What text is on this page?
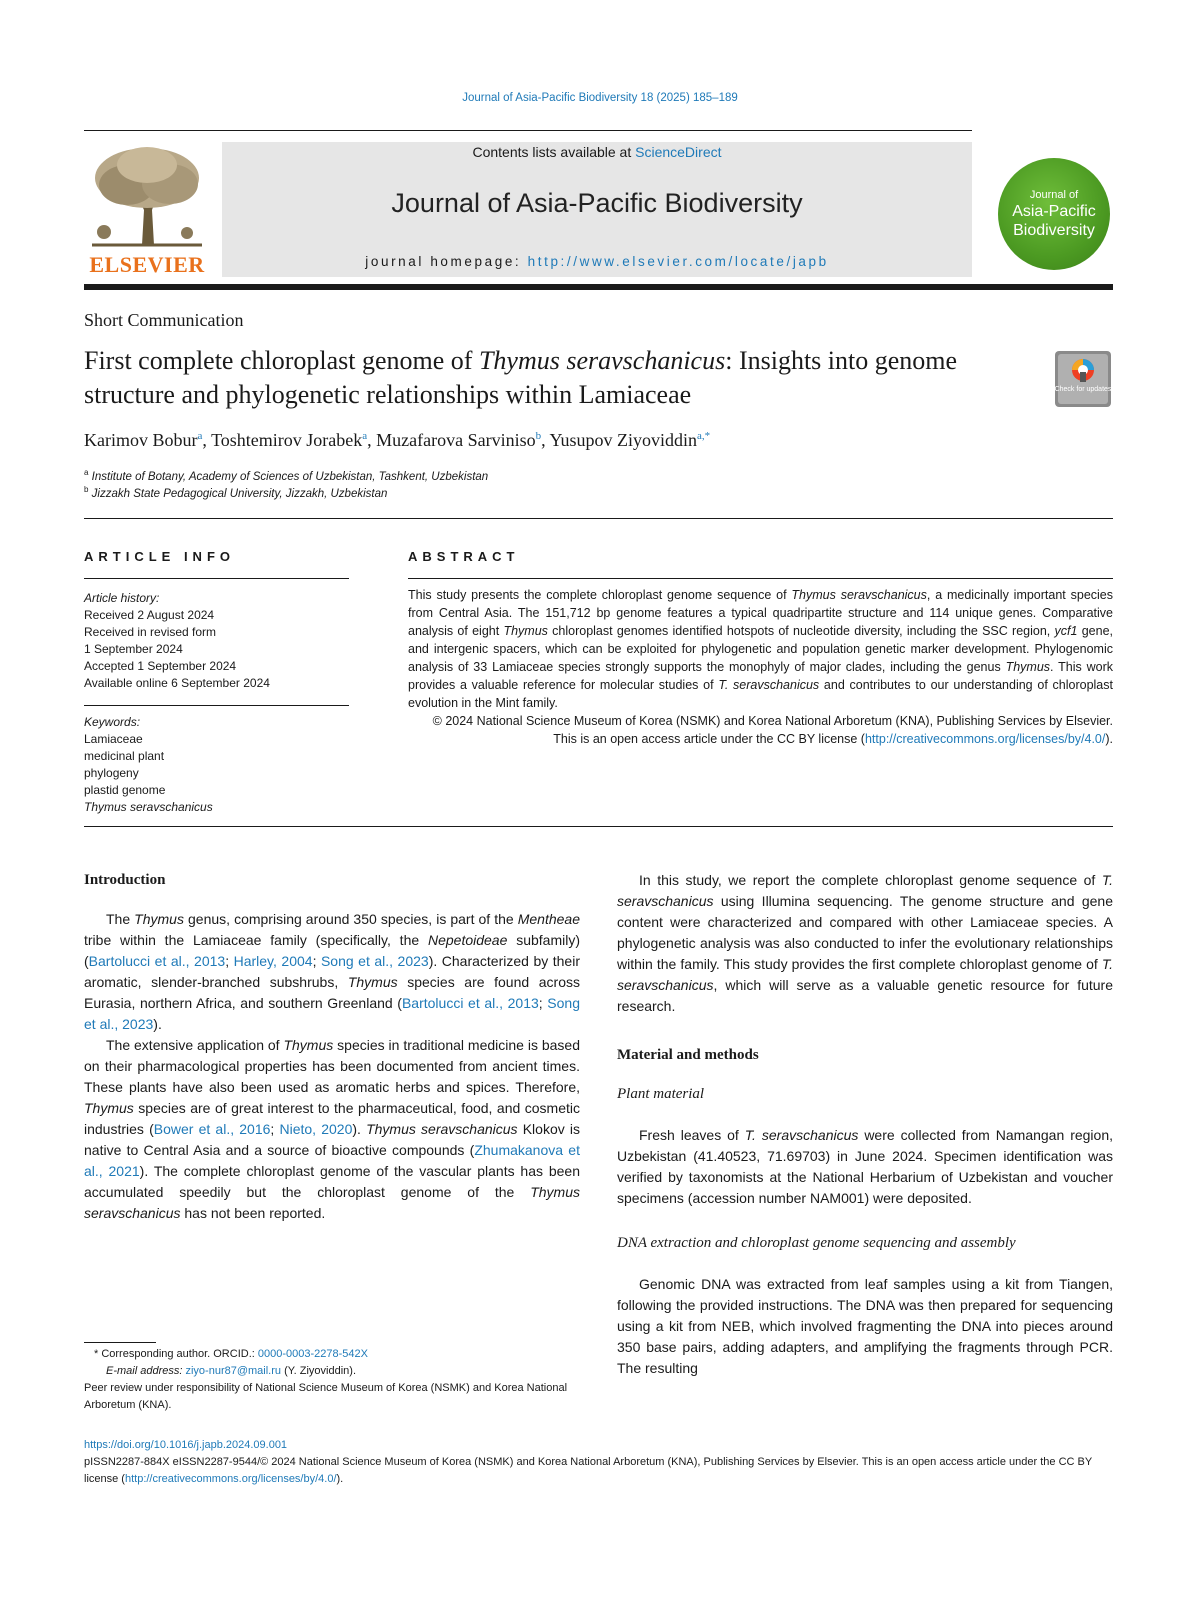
Journal of Asia-Pacific Biodiversity 18 (2025) 185–189
ELSEVIER
Contents lists available at ScienceDirect
Journal of Asia-Pacific Biodiversity
journal homepage: http://www.elsevier.com/locate/japb
Journal of
Asia-Pacific
Biodiversity
Short Communication
First complete chloroplast genome of Thymus seravschanicus: Insights into genome structure and phylogenetic relationships within Lamiaceae	Check for updates
Karimov Bobur$^a$, Toshtemirov Jorabek$^a$, Muzafarova Sarviniso$^b$, Yusupov Ziyoviddin$^{a,*}$
$^a$ Institute of Botany, Academy of Sciences of Uzbekistan, Tashkent, Uzbekistan
$^b$ Jizzakh State Pedagogical University, Jizzakh, Uzbekistan
ARTICLE INFO
Article history:
Received 2 August 2024
Received in revised form
1 September 2024
Accepted 1 September 2024
Available online 6 September 2024
Keywords:
Lamiaceae
medicinal plant
phylogeny
plastid genome
Thymus seravschanicus
ABSTRACT
This study presents the complete chloroplast genome sequence of Thymus seravschanicus, a medicinally important species from Central Asia. The 151,712 bp genome features a typical quadripartite structure and 114 unique genes. Comparative analysis of eight Thymus chloroplast genomes identified hotspots of nucleotide diversity, including the SSC region, ycf1 gene, and intergenic spacers, which can be exploited for phylogenetic and population genetic marker development. Phylogenomic analysis of 33 Lamiaceae species strongly supports the monophyly of major clades, including the genus Thymus. This work provides a valuable reference for molecular studies of T. seravschanicus and contributes to our understanding of chloroplast evolution in the Mint family.
© 2024 National Science Museum of Korea (NSMK) and Korea National Arboretum (KNA), Publishing Services by Elsevier. This is an open access article under the CC BY license (http://creativecommons.org/licenses/by/4.0/).

Introduction

The Thymus genus, comprising around 350 species, is part of the Mentheae tribe within the Lamiaceae family (specifically, the Nepetoideae subfamily) (Bartolucci et al., 2013; Harley, 2004; Song et al., 2023). Characterized by their aromatic, slender-branched subshrubs, Thymus species are found across Eurasia, northern Africa, and southern Greenland (Bartolucci et al., 2013; Song et al., 2023).

The extensive application of Thymus species in traditional medicine is based on their pharmacological properties has been documented from ancient times. These plants have also been used as aromatic herbs and spices. Therefore, Thymus species are of great interest to the pharmaceutical, food, and cosmetic industries (Bower et al., 2016; Nieto, 2020). Thymus seravschanicus Klokov is native to Central Asia and a source of bioactive compounds (Zhumakanova et al., 2021). The complete chloroplast genome of the vascular plants has been accumulated speedily but the chloroplast genome of the Thymus seravschanicus has not been reported.

In this study, we report the complete chloroplast genome sequence of T. seravschanicus using Illumina sequencing. The genome structure and gene content were characterized and compared with other Lamiaceae species. A phylogenetic analysis was also conducted to infer the evolutionary relationships within the family. This study provides the first complete chloroplast genome of T. seravschanicus, which will serve as a valuable genetic resource for future research.

Material and methods

Plant material

Fresh leaves of T. seravschanicus were collected from Namangan region, Uzbekistan (41.40523, 71.69703) in June 2024. Specimen identification was verified by taxonomists at the National Herbarium of Uzbekistan and voucher specimens (accession number NAM001) were deposited.

DNA extraction and chloroplast genome sequencing and assembly

Genomic DNA was extracted from leaf samples using a kit from Tiangen, following the provided instructions. The DNA was then prepared for sequencing using a kit from NEB, which involved fragmenting the DNA into pieces around 350 base pairs, adding adapters, and amplifying the fragments through PCR. The resulting

* Corresponding author. ORCID.: 0000-0003-2278-542X
E-mail address: ziyo-nur87@mail.ru (Y. Ziyoviddin).
Peer review under responsibility of National Science Museum of Korea (NSMK) and Korea National Arboretum (KNA).
https://doi.org/10.1016/j.japb.2024.09.001
pISSN2287-884X eISSN2287-9544/© 2024 National Science Museum of Korea (NSMK) and Korea National Arboretum (KNA), Publishing Services by Elsevier. This is an open access article under the CC BY license (http://creativecommons.org/licenses/by/4.0/).
